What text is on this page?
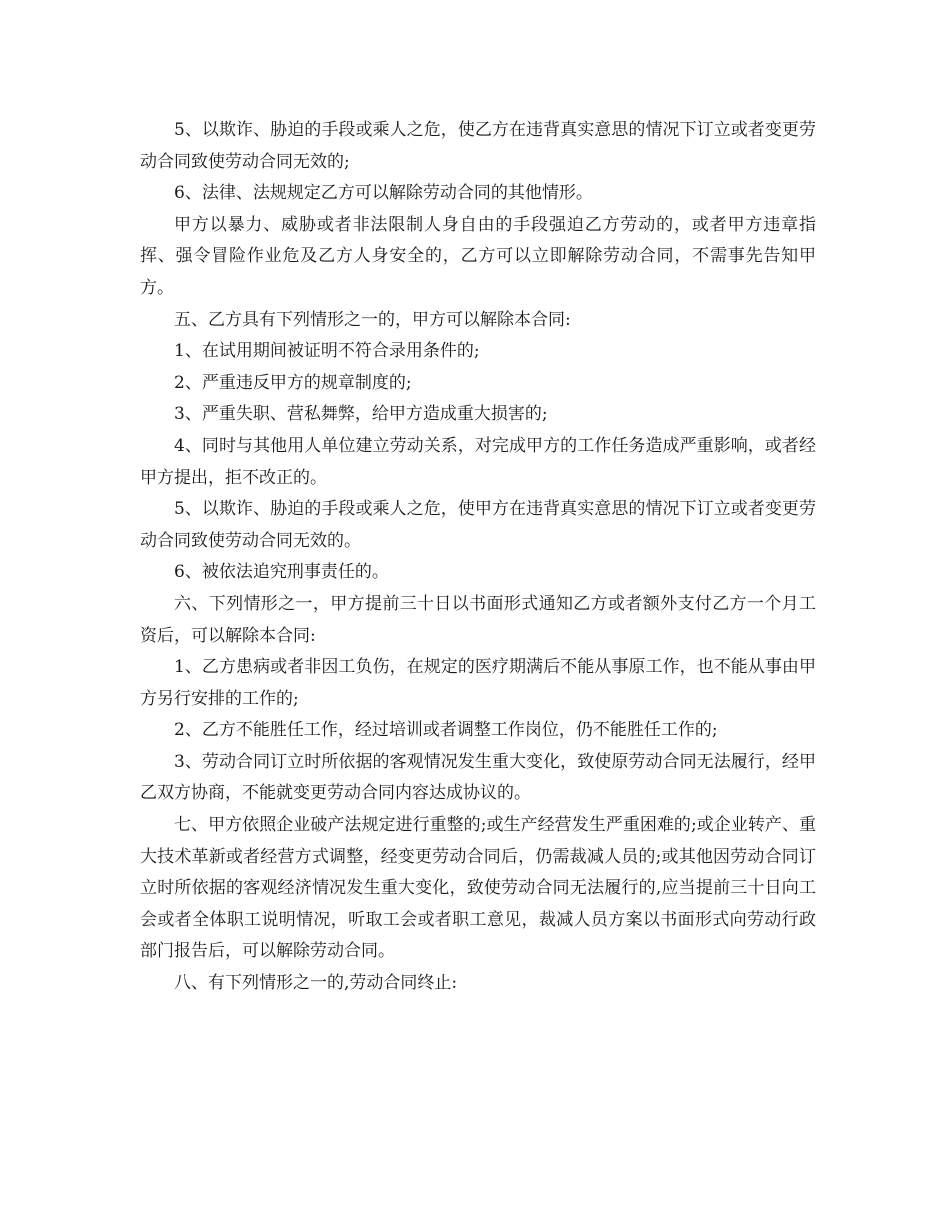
5、以欺诈、胁迫的手段或乘人之危，使乙方在违背真实意思的情况下订立或者变更劳动合同致使劳动合同无效的;

6、法律、法规规定乙方可以解除劳动合同的其他情形。

甲方以暴力、威胁或者非法限制人身自由的手段强迫乙方劳动的，或者甲方违章指挥、强令冒险作业危及乙方人身安全的，乙方可以立即解除劳动合同，不需事先告知甲方。

五、乙方具有下列情形之一的，甲方可以解除本合同:

1、在试用期间被证明不符合录用条件的;

2、严重违反甲方的规章制度的;

3、严重失职、营私舞弊，给甲方造成重大损害的;

4、同时与其他用人单位建立劳动关系，对完成甲方的工作任务造成严重影响，或者经甲方提出，拒不改正的。

5、以欺诈、胁迫的手段或乘人之危，使甲方在违背真实意思的情况下订立或者变更劳动合同致使劳动合同无效的。

6、被依法追究刑事责任的。

六、下列情形之一，甲方提前三十日以书面形式通知乙方或者额外支付乙方一个月工资后，可以解除本合同:

1、乙方患病或者非因工负伤，在规定的医疗期满后不能从事原工作，也不能从事由甲方另行安排的工作的;

2、乙方不能胜任工作，经过培训或者调整工作岗位，仍不能胜任工作的;

3、劳动合同订立时所依据的客观情况发生重大变化，致使原劳动合同无法履行，经甲乙双方协商，不能就变更劳动合同内容达成协议的。

七、甲方依照企业破产法规定进行重整的;或生产经营发生严重困难的;或企业转产、重大技术革新或者经营方式调整，经变更劳动合同后，仍需裁减人员的;或其他因劳动合同订立时所依据的客观经济情况发生重大变化，致使劳动合同无法履行的,应当提前三十日向工会或者全体职工说明情况，听取工会或者职工意见，裁减人员方案以书面形式向劳动行政部门报告后，可以解除劳动合同。

八、有下列情形之一的,劳动合同终止:
